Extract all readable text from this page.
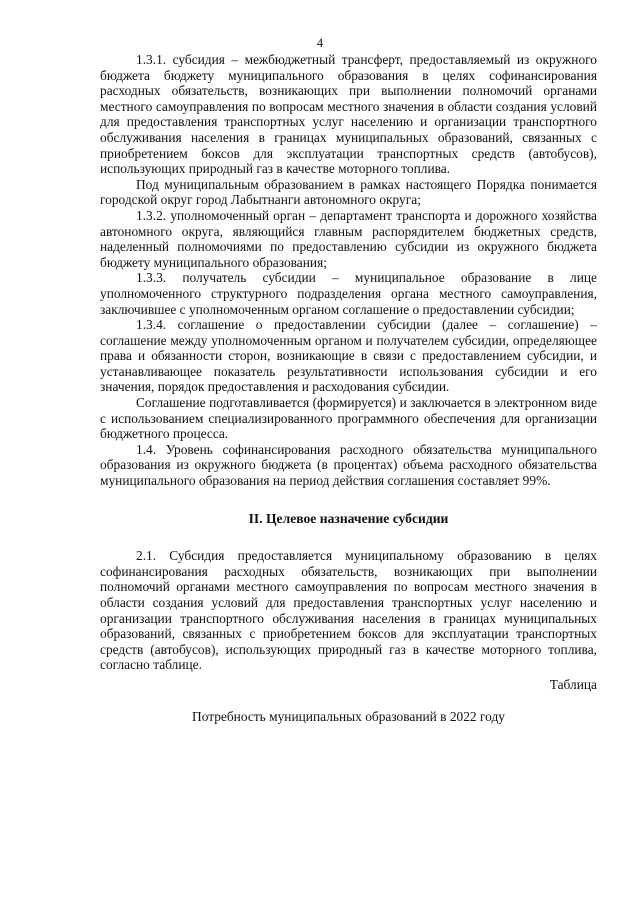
4

1.3.1. субсидия – межбюджетный трансферт, предоставляемый из окружного бюджета бюджету муниципального образования в целях софинансирования расходных обязательств, возникающих при выполнении полномочий органами местного самоуправления по вопросам местного значения в области создания условий для предоставления транспортных услуг населению и организации транспортного обслуживания населения в границах муниципальных образований, связанных с приобретением боксов для эксплуатации транспортных средств (автобусов), использующих природный газ в качестве моторного топлива.

Под муниципальным образованием в рамках настоящего Порядка понимается городской округ город Лабытнанги автономного округа;

1.3.2. уполномоченный орган – департамент транспорта и дорожного хозяйства автономного округа, являющийся главным распорядителем бюджетных средств, наделенный полномочиями по предоставлению субсидии из окружного бюджета бюджету муниципального образования;

1.3.3. получатель субсидии – муниципальное образование в лице уполномоченного структурного подразделения органа местного самоуправления, заключившее с уполномоченным органом соглашение о предоставлении субсидии;

1.3.4. соглашение о предоставлении субсидии (далее – соглашение) – соглашение между уполномоченным органом и получателем субсидии, определяющее права и обязанности сторон, возникающие в связи с предоставлением субсидии, и устанавливающее показатель результативности использования субсидии и его значения, порядок предоставления и расходования субсидии.

Соглашение подготавливается (формируется) и заключается в электронном виде с использованием специализированного программного обеспечения для организации бюджетного процесса.

1.4. Уровень софинансирования расходного обязательства муниципального образования из окружного бюджета (в процентах) объема расходного обязательства муниципального образования на период действия соглашения составляет 99%.

II. Целевое назначение субсидии

2.1. Субсидия предоставляется муниципальному образованию в целях софинансирования расходных обязательств, возникающих при выполнении полномочий органами местного самоуправления по вопросам местного значения в области создания условий для предоставления транспортных услуг населению и организации транспортного обслуживания населения в границах муниципальных образований, связанных с приобретением боксов для эксплуатации транспортных средств (автобусов), использующих природный газ в качестве моторного топлива, согласно таблице.

Таблица

Потребность муниципальных образований в 2022 году
